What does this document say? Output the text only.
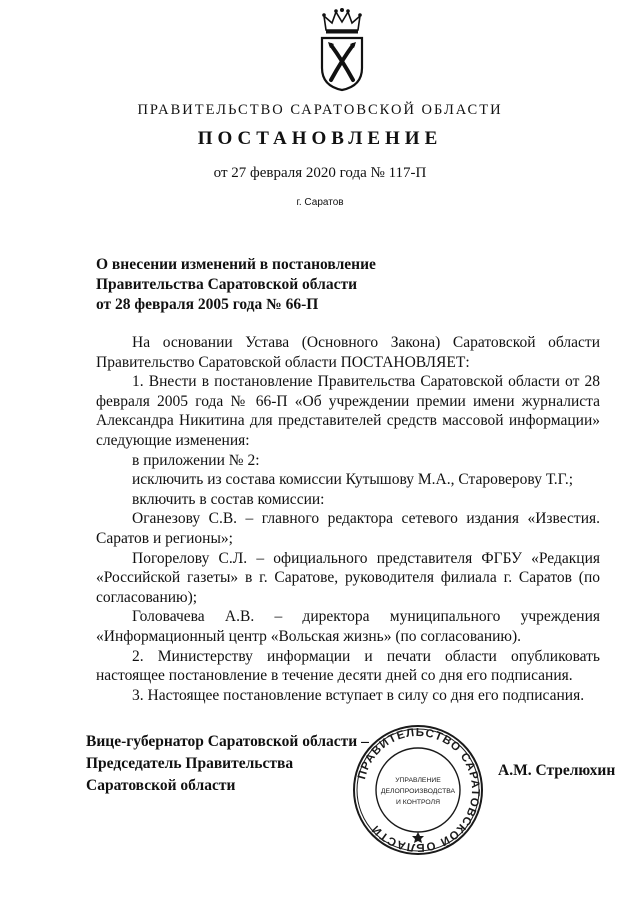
ПРАВИТЕЛЬСТВО САРАТОВСКОЙ ОБЛАСТИ
ПОСТАНОВЛЕНИЕ
от 27 февраля 2020 года № 117-П
г. Саратов
О внесении изменений в постановление
Правительства Саратовской области
от 28 февраля 2005 года № 66-П

На основании Устава (Основного Закона) Саратовской области Правительство Саратовской области ПОСТАНОВЛЯЕТ:

1. Внести в постановление Правительства Саратовской области от 28 февраля 2005 года № 66-П «Об учреждении премии имени журналиста Александра Никитина для представителей средств массовой информации» следующие изменения:

в приложении № 2:

исключить из состава комиссии Кутышову М.А., Староверову Т.Г.;

включить в состав комиссии:

Оганезову С.В. – главного редактора сетевого издания «Известия. Саратов и регионы»;

Погорелову С.Л. – официального представителя ФГБУ «Редакция «Российской газеты» в г. Саратове, руководителя филиала г. Саратов (по согласованию);

Головачева А.В. – директора муниципального учреждения «Информационный центр «Вольская жизнь» (по согласованию).

2. Министерству информации и печати области опубликовать настоящее постановление в течение десяти дней со дня его подписания.

3. Настоящее постановление вступает в силу со дня его подписания.

Вице-губернатор Саратовской области –
Председатель Правительства
Саратовской области
ПРАВИТЕЛЬСТВО САРАТОВСКОЙ ОБЛАСТИ
УПРАВЛЕНИЕ
ДЕЛОПРОИЗВОДСТВА
И КОНТРОЛЯ
А.М. Стрелюхин
